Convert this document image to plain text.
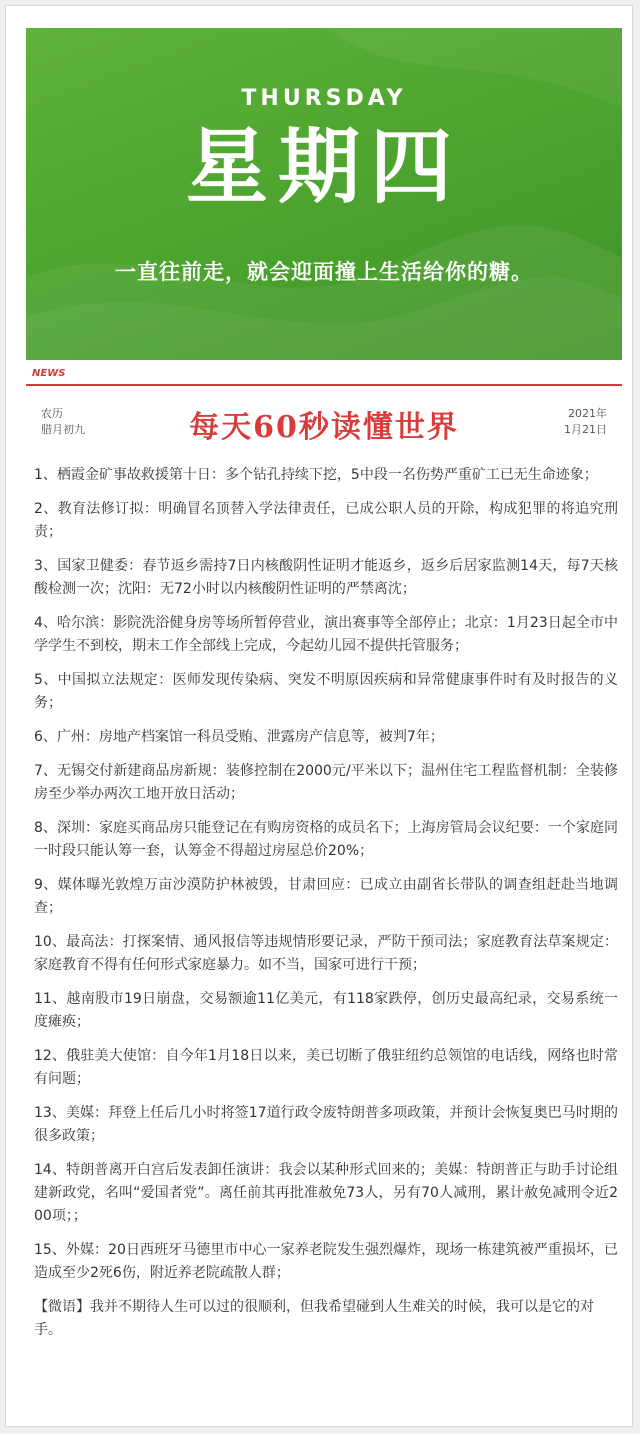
THURSDAY
星期四
一直往前走，就会迎面撞上生活给你的糖。
NEWS
农历
腊月初九	每天60秒读懂世界	2021年
1月21日

1、栖霞金矿事故救援第十日：多个钻孔持续下挖，5中段一名伤势严重矿工已无生命迹象；

2、教育法修订拟：明确冒名顶替入学法律责任，已成公职人员的开除，构成犯罪的将追究刑责；

3、国家卫健委：春节返乡需持7日内核酸阴性证明才能返乡，返乡后居家监测14天，每7天核酸检测一次；沈阳：无72小时以内核酸阴性证明的严禁离沈；

4、哈尔滨：影院洗浴健身房等场所暂停营业，演出赛事等全部停止；北京：1月23日起全市中学学生不到校，期末工作全部线上完成，今起幼儿园不提供托管服务；

5、中国拟立法规定：医师发现传染病、突发不明原因疾病和异常健康事件时有及时报告的义务；

6、广州：房地产档案馆一科员受贿、泄露房产信息等，被判7年；

7、无锡交付新建商品房新规：装修控制在2000元/平米以下；温州住宅工程监督机制：全装修房至少举办两次工地开放日活动；

8、深圳：家庭买商品房只能登记在有购房资格的成员名下；上海房管局会议纪要：一个家庭同一时段只能认筹一套，认筹金不得超过房屋总价20%；

9、媒体曝光敦煌万亩沙漠防护林被毁，甘肃回应：已成立由副省长带队的调查组赶赴当地调查；

10、最高法：打探案情、通风报信等违规情形要记录，严防干预司法；家庭教育法草案规定：家庭教育不得有任何形式家庭暴力。如不当，国家可进行干预；

11、越南股市19日崩盘，交易额逾11亿美元，有118家跌停，创历史最高纪录，交易系统一度瘫痪；

12、俄驻美大使馆：自今年1月18日以来，美已切断了俄驻纽约总领馆的电话线，网络也时常有问题；

13、美媒：拜登上任后几小时将签17道行政令废特朗普多项政策，并预计会恢复奥巴马时期的很多政策；

14、特朗普离开白宫后发表卸任演讲：我会以某种形式回来的；美媒：特朗普正与助手讨论组建新政党，名叫“爱国者党”。离任前其再批准赦免73人，另有70人减刑，累计赦免减刑令近200项；；

15、外媒：20日西班牙马德里市中心一家养老院发生强烈爆炸，现场一栋建筑被严重损坏，已造成至少2死6伤，附近养老院疏散人群；

【微语】我并不期待人生可以过的很顺利，但我希望碰到人生难关的时候，我可以是它的对手。
